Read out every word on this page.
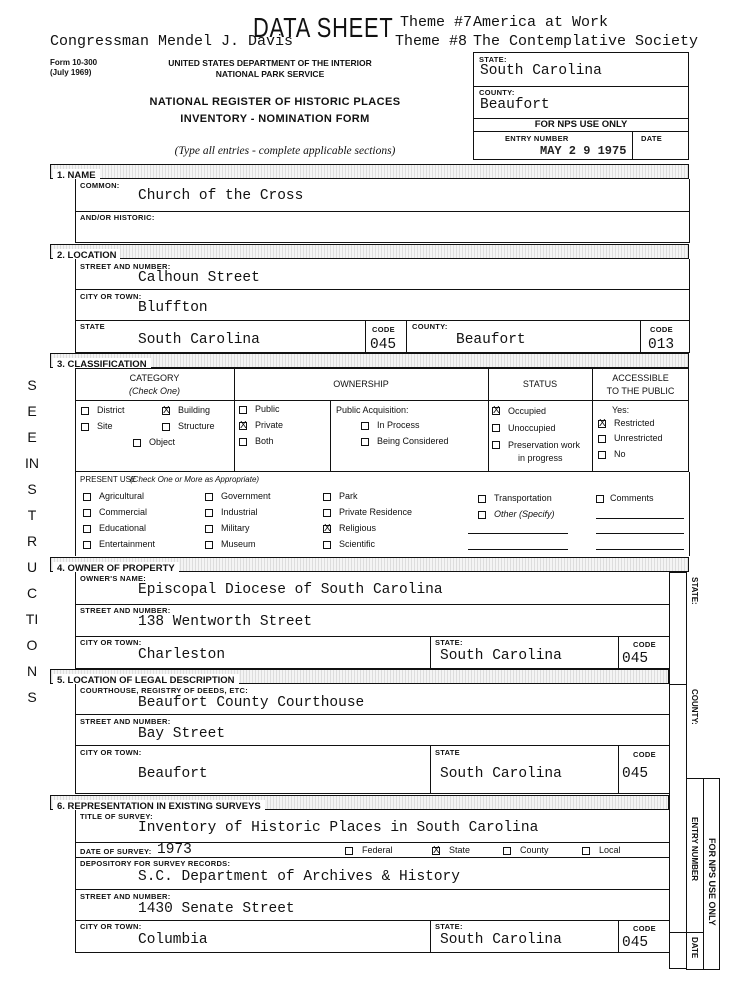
Congressman Mendel J. Davis
DATA SHEET Theme #7 America at Work
Theme #8 The Contemplative Society
Form 10-300
(July 1969)
UNITED STATES DEPARTMENT OF THE INTERIOR
NATIONAL PARK SERVICE
NATIONAL REGISTER OF HISTORIC PLACES
INVENTORY - NOMINATION FORM
(Type all entries - complete applicable sections)
STATE:
South Carolina
COUNTY:
Beaufort
FOR NPS USE ONLY
ENTRY NUMBER	DATE
MAY 2 9 1975
SEE INSTRUCTIONS
1. NAME
COMMON:
Church of the Cross
AND/OR HISTORIC:
2. LOCATION
STREET AND NUMBER:
Calhoun Street
CITY OR TOWN:
Bluffton
STATE
South Carolina
CODE
045
COUNTY:
Beaufort
CODE
013
3. CLASSIFICATION
CATEGORY
(Check One)
OWNERSHIP	STATUS
ACCESSIBLE
TO THE PUBLIC
District	X Building
Site	Structure
Object
Public
X Private
Both
Public Acquisition:
In Process
Being Considered
X Occupied
Unoccupied
Preservation work
in progress
Yes:
X Restricted
Unrestricted
No
PRESENT USE
(Check One or More as Appropriate)
Agricultural
Commercial
Educational
Entertainment
Government
Industrial
Military
Museum
Park
Private Residence
X Religious
Scientific
Transportation
Other (Specify)
Comments
4. OWNER OF PROPERTY
OWNER'S NAME:
Episcopal Diocese of South Carolina
STREET AND NUMBER:
138 Wentworth Street
CITY OR TOWN:
Charleston
STATE:
South Carolina
CODE
045
5. LOCATION OF LEGAL DESCRIPTION
COURTHOUSE, REGISTRY OF DEEDS, ETC:
Beaufort County Courthouse
STREET AND NUMBER:
Bay Street
CITY OR TOWN:
Beaufort
STATE
South Carolina
CODE
045
6. REPRESENTATION IN EXISTING SURVEYS
TITLE OF SURVEY:
Inventory of Historic Places in South Carolina
DATE OF SURVEY: 1973	Federal	X State	County	Local
DEPOSITORY FOR SURVEY RECORDS:
S.C. Department of Archives & History
STREET AND NUMBER:
1430 Senate Street
CITY OR TOWN:
Columbia
STATE:
South Carolina
CODE
045
STATE:
COUNTY:
ENTRY NUMBER
DATE
FOR NPS USE ONLY
